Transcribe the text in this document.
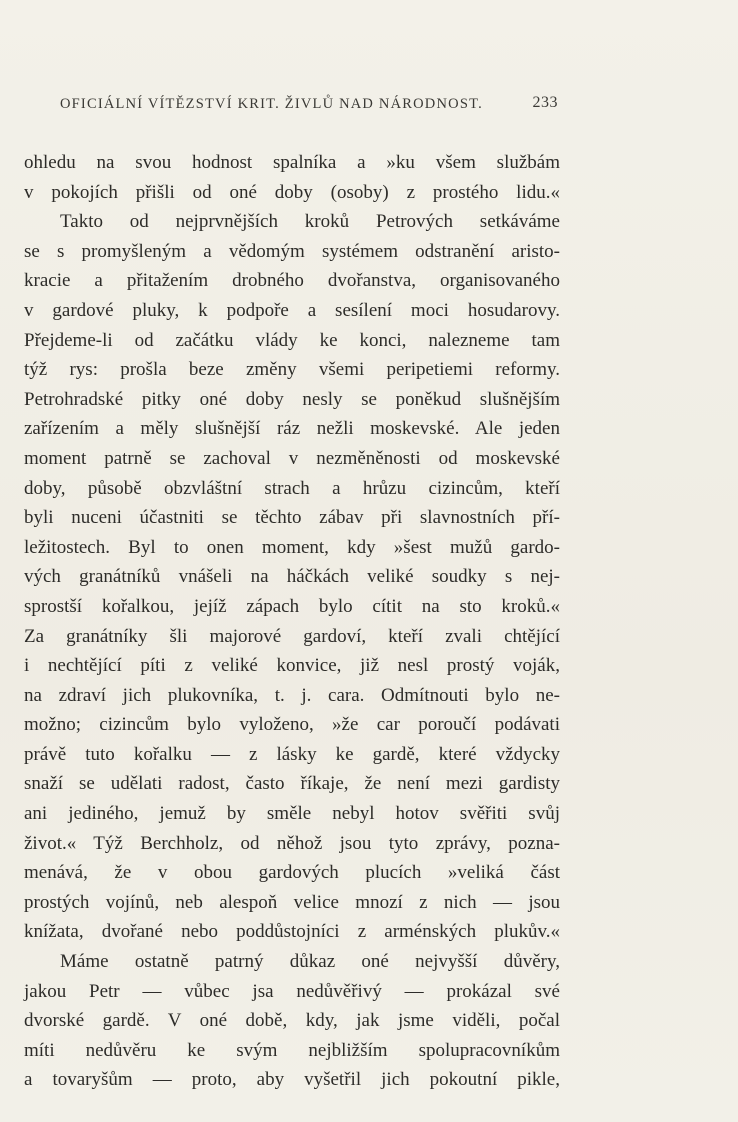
OFICIÁLNÍ VÍTĚZSTVÍ KRIT. ŽIVLŮ NAD NÁRODNOST.	233
ohledu na svou hodnost spalníka a »ku všem službám
v pokojích přišli od oné doby (osoby) z prostého lidu.«
Takto od nejprvnějších kroků Petrových setkáváme
se s promyšleným a vědomým systémem odstranění aristo-
kracie a přitažením drobného dvořanstva, organisovaného
v gardové pluky, k podpoře a sesílení moci hosudarovy.
Přejdeme-li od začátku vlády ke konci, nalezneme tam
týž rys: prošla beze změny všemi peripetiemi reformy.
Petrohradské pitky oné doby nesly se poněkud slušnějším
zařízením a měly slušnější ráz nežli moskevské. Ale jeden
moment patrně se zachoval v nezměněnosti od moskevské
doby, působě obzvláštní strach a hrůzu cizincům, kteří
byli nuceni účastniti se těchto zábav při slavnostních pří-
ležitostech. Byl to onen moment, kdy »šest mužů gardo-
vých granátníků vnášeli na háčkách veliké soudky s nej-
sprostší kořalkou, jejíž zápach bylo cítit na sto kroků.«
Za granátníky šli majorové gardoví, kteří zvali chtějící
i nechtějící píti z veliké konvice, již nesl prostý voják,
na zdraví jich plukovníka, t. j. cara. Odmítnouti bylo ne-
možno; cizincům bylo vyloženo, »že car poroučí podávati
právě tuto kořalku — z lásky ke gardě, které vždycky
snaží se udělati radost, často říkaje, že není mezi gardisty
ani jediného, jemuž by směle nebyl hotov svěřiti svůj
život.« Týž Berchholz, od něhož jsou tyto zprávy, pozna-
menává, že v obou gardových plucích »veliká část
prostých vojínů, neb alespoň velice mnozí z nich — jsou
knížata, dvořané nebo poddůstojníci z arménských plukův.«
Máme ostatně patrný důkaz oné nejvyšší důvěry,
jakou Petr — vůbec jsa nedůvěřivý — prokázal své
dvorské gardě. V oné době, kdy, jak jsme viděli, počal
míti nedůvěru ke svým nejbližším spolupracovníkům
a tovaryšům — proto, aby vyšetřil jich pokoutní pikle,
